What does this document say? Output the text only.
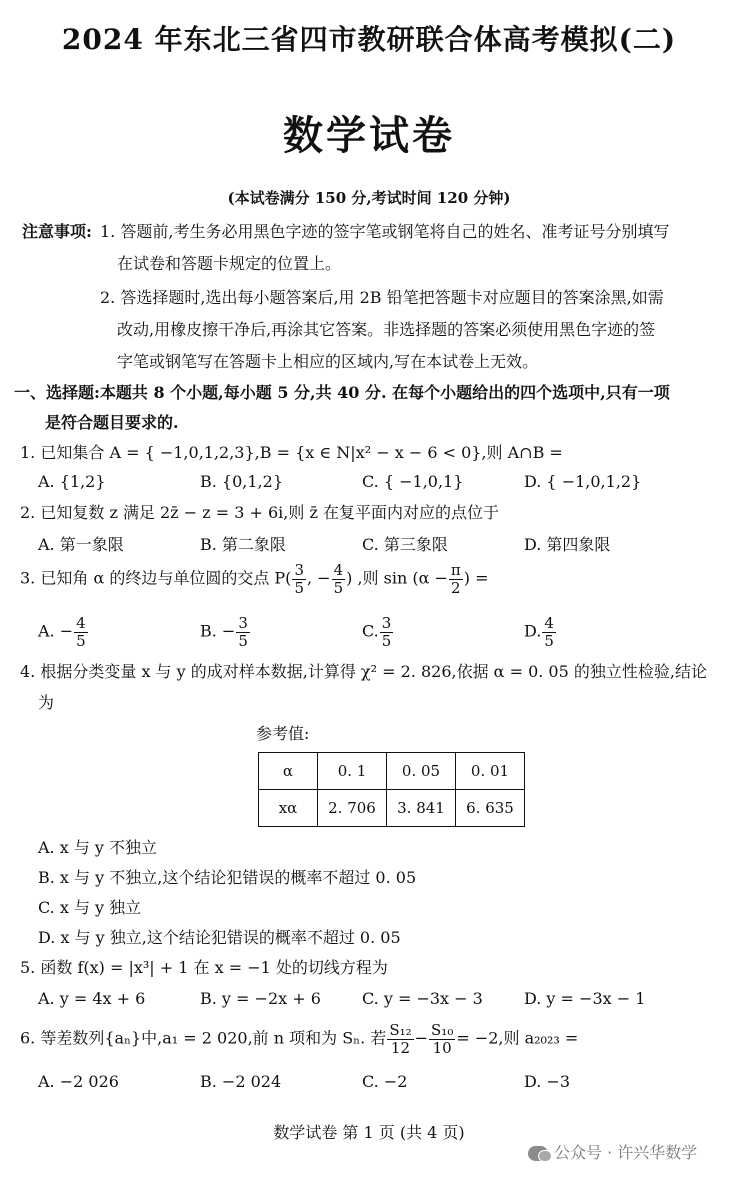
2024 年东北三省四市教研联合体高考模拟(二)
数学试卷
(本试卷满分 150 分,考试时间 120 分钟)
注意事项: 1. 答题前,考生务必用黑色字迹的签字笔或钢笔将自己的姓名、准考证号分别填写
在试卷和答题卡规定的位置上。
2. 答选择题时,选出每小题答案后,用 2B 铅笔把答题卡对应题目的答案涂黑,如需
改动,用橡皮擦干净后,再涂其它答案。非选择题的答案必须使用黑色字迹的签
字笔或钢笔写在答题卡上相应的区域内,写在本试卷上无效。
一、选择题:本题共 8 个小题,每小题 5 分,共 40 分. 在每个小题给出的四个选项中,只有一项
是符合题目要求的.
1. 已知集合 A = { −1,0,1,2,3},B = {x ∈ N|x² − x − 6 < 0},则 A∩B =
A. {1,2}	B. {0,1,2}	C. { −1,0,1}	D. { −1,0,1,2}
2. 已知复数 z 满足 2z̄ − z = 3 + 6i,则 z̄ 在复平面内对应的点位于
A. 第一象限	B. 第二象限	C. 第三象限	D. 第四象限
3. 已知角 α 的终边与单位圆的交点 $P( \frac{3}{5}$ , − $\frac{4}{5}$ ) ,则 $\sin (\alpha - \frac{\pi}{2}$ ) =
A. − $\frac{4}{5}$	B. − $\frac{3}{5}$	C. $\frac{3}{5}$	D. $\frac{4}{5}$
4. 根据分类变量 x 与 y 的成对样本数据,计算得 χ² = 2. 826,依据 α = 0. 05 的独立性检验,结论
为
参考值:
α	0. 1	0. 05	0. 01
xα	2. 706	3. 841	6. 635
A. x 与 y 不独立
B. x 与 y 不独立,这个结论犯错误的概率不超过 0. 05
C. x 与 y 独立
D. x 与 y 独立,这个结论犯错误的概率不超过 0. 05
5. 函数 f(x) = |x³| + 1 在 x = −1 处的切线方程为
A. y = 4x + 6	B. y = −2x + 6	C. y = −3x − 3	D. y = −3x − 1
6. 等差数列{aₙ}中,a₁ = 2 020,前 n 项和为 Sₙ. 若 $\frac{\text{S₁₂}}{12} - \frac{\text{S₁₀}}{10} = -2$,则 a₂₀₂₃ =
A. −2 026	B. −2 024	C. −2	D. −3
数学试卷 第 1 页 (共 4 页)
公众号 · 许兴华数学
